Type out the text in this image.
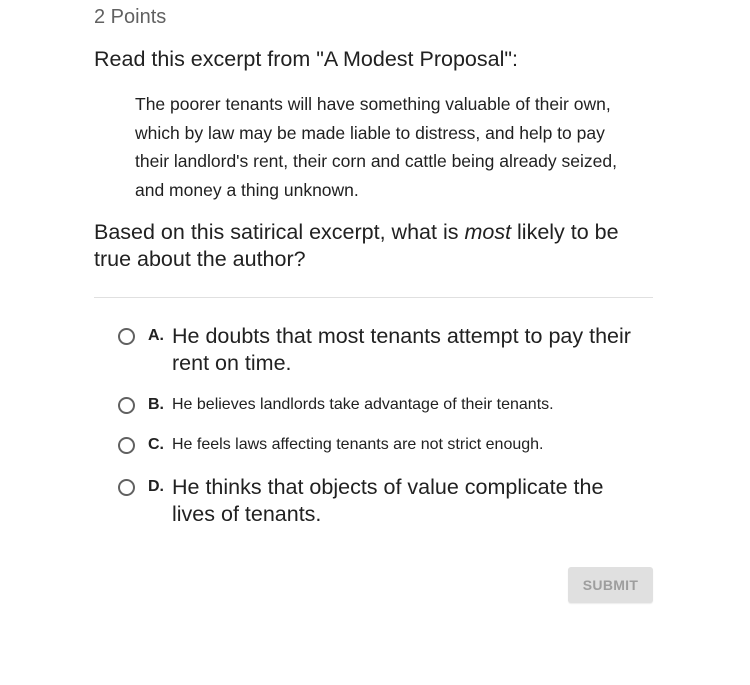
2 Points
Read this excerpt from "A Modest Proposal":
The poorer tenants will have something valuable of their own, which by law may be made liable to distress, and help to pay their landlord's rent, their corn and cattle being already seized, and money a thing unknown.
Based on this satirical excerpt, what is most likely to be true about the author?
A. He doubts that most tenants attempt to pay their rent on time.
B. He believes landlords take advantage of their tenants.
C. He feels laws affecting tenants are not strict enough.
D. He thinks that objects of value complicate the lives of tenants.
SUBMIT
